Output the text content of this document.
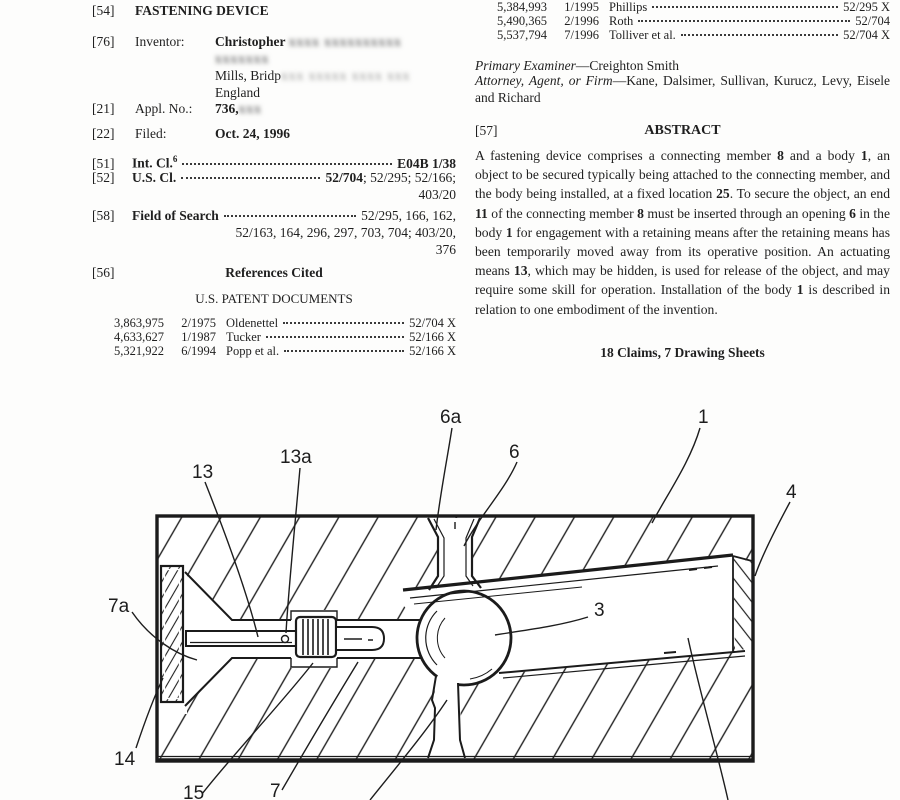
[54]	FASTENING DEVICE
[76]	Inventor: Christopher xxxx xxxxxxxxxx xxxxxxx
Mills, Bridpxxx xxxxx xxxx xxx
England
[21]	Appl. No.: 736,xxx
[22]	Filed:	Oct. 24, 1996
[51]	Int. Cl.$^6$	E04B 1/38
[52]	U.S. Cl.	52/704; 52/295; 52/166;
403/20
[58]	Field of Search	52/295, 166, 162,
52/163, 164, 296, 297, 703, 704; 403/20,
376
[56]	References Cited
U.S. PATENT DOCUMENTS
3,863,975	2/1975 Oldenettel	52/704 X
4,633,627	1/1987 Tucker	52/166 X
5,321,922	6/1994 Popp et al.	52/166 X
5,384,993	1/1995 Phillips	52/295 X
5,490,365	2/1996 Roth	52/704
5,537,794	7/1996 Tolliver et al.	52/704 X
Primary Examiner—Creighton Smith
Attorney, Agent, or Firm—Kane, Dalsimer, Sullivan, Kurucz, Levy, Eisele and Richard
[57]	ABSTRACT
A fastening device comprises a connecting member 8 and a body 1, an object to be secured typically being attached to the connecting member, and the body being installed, at a fixed location 25. To secure the object, an end 11 of the connecting member 8 must be inserted through an opening 6 in the body 1 for engagement with a retaining means after the retaining means has been temporarily moved away from its operative position. An actuating means 13, which may be hidden, is used for release of the object, and may require some skill for operation. Installation of the body 1 is described in relation to one embodiment of the invention.
18 Claims, 7 Drawing Sheets
6a
6
1
4
13
13a
7a	3
14
15	7
